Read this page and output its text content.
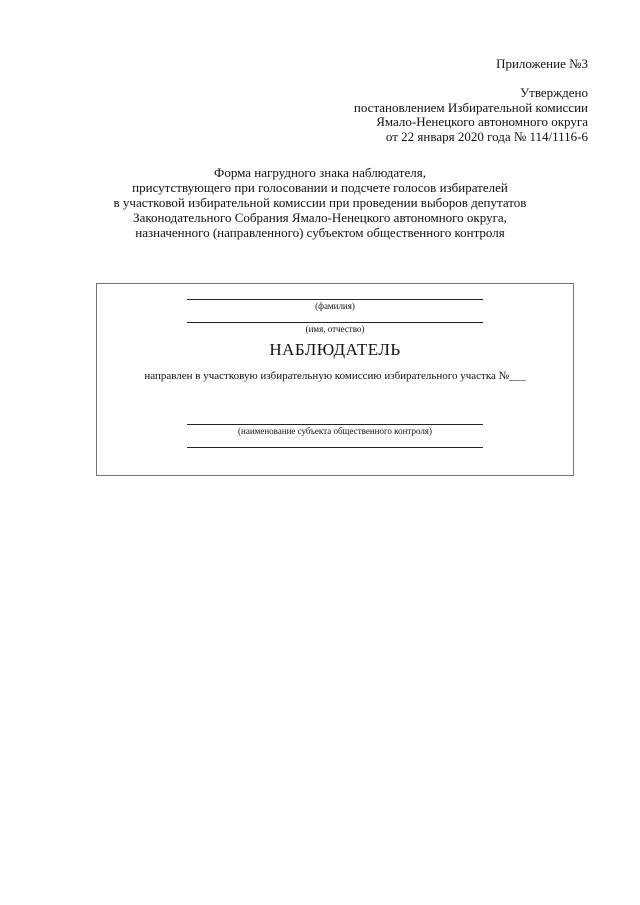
Приложение №3
Утверждено
постановлением Избирательной комиссии
Ямало-Ненецкого автономного округа
от 22 января 2020 года № 114/1116-6
Форма нагрудного знака наблюдателя,
присутствующего при голосовании и подсчете голосов избирателей
в участковой избирательной комиссии при проведении выборов депутатов
Законодательного Собрания Ямало-Ненецкого автономного округа,
назначенного (направленного) субъектом общественного контроля
(фамилия)
(имя, отчество)
НАБЛЮДАТЕЛЬ
направлен в участковую избирательную комиссию избирательного участка №___
(наименование субъекта общественного контроля)
